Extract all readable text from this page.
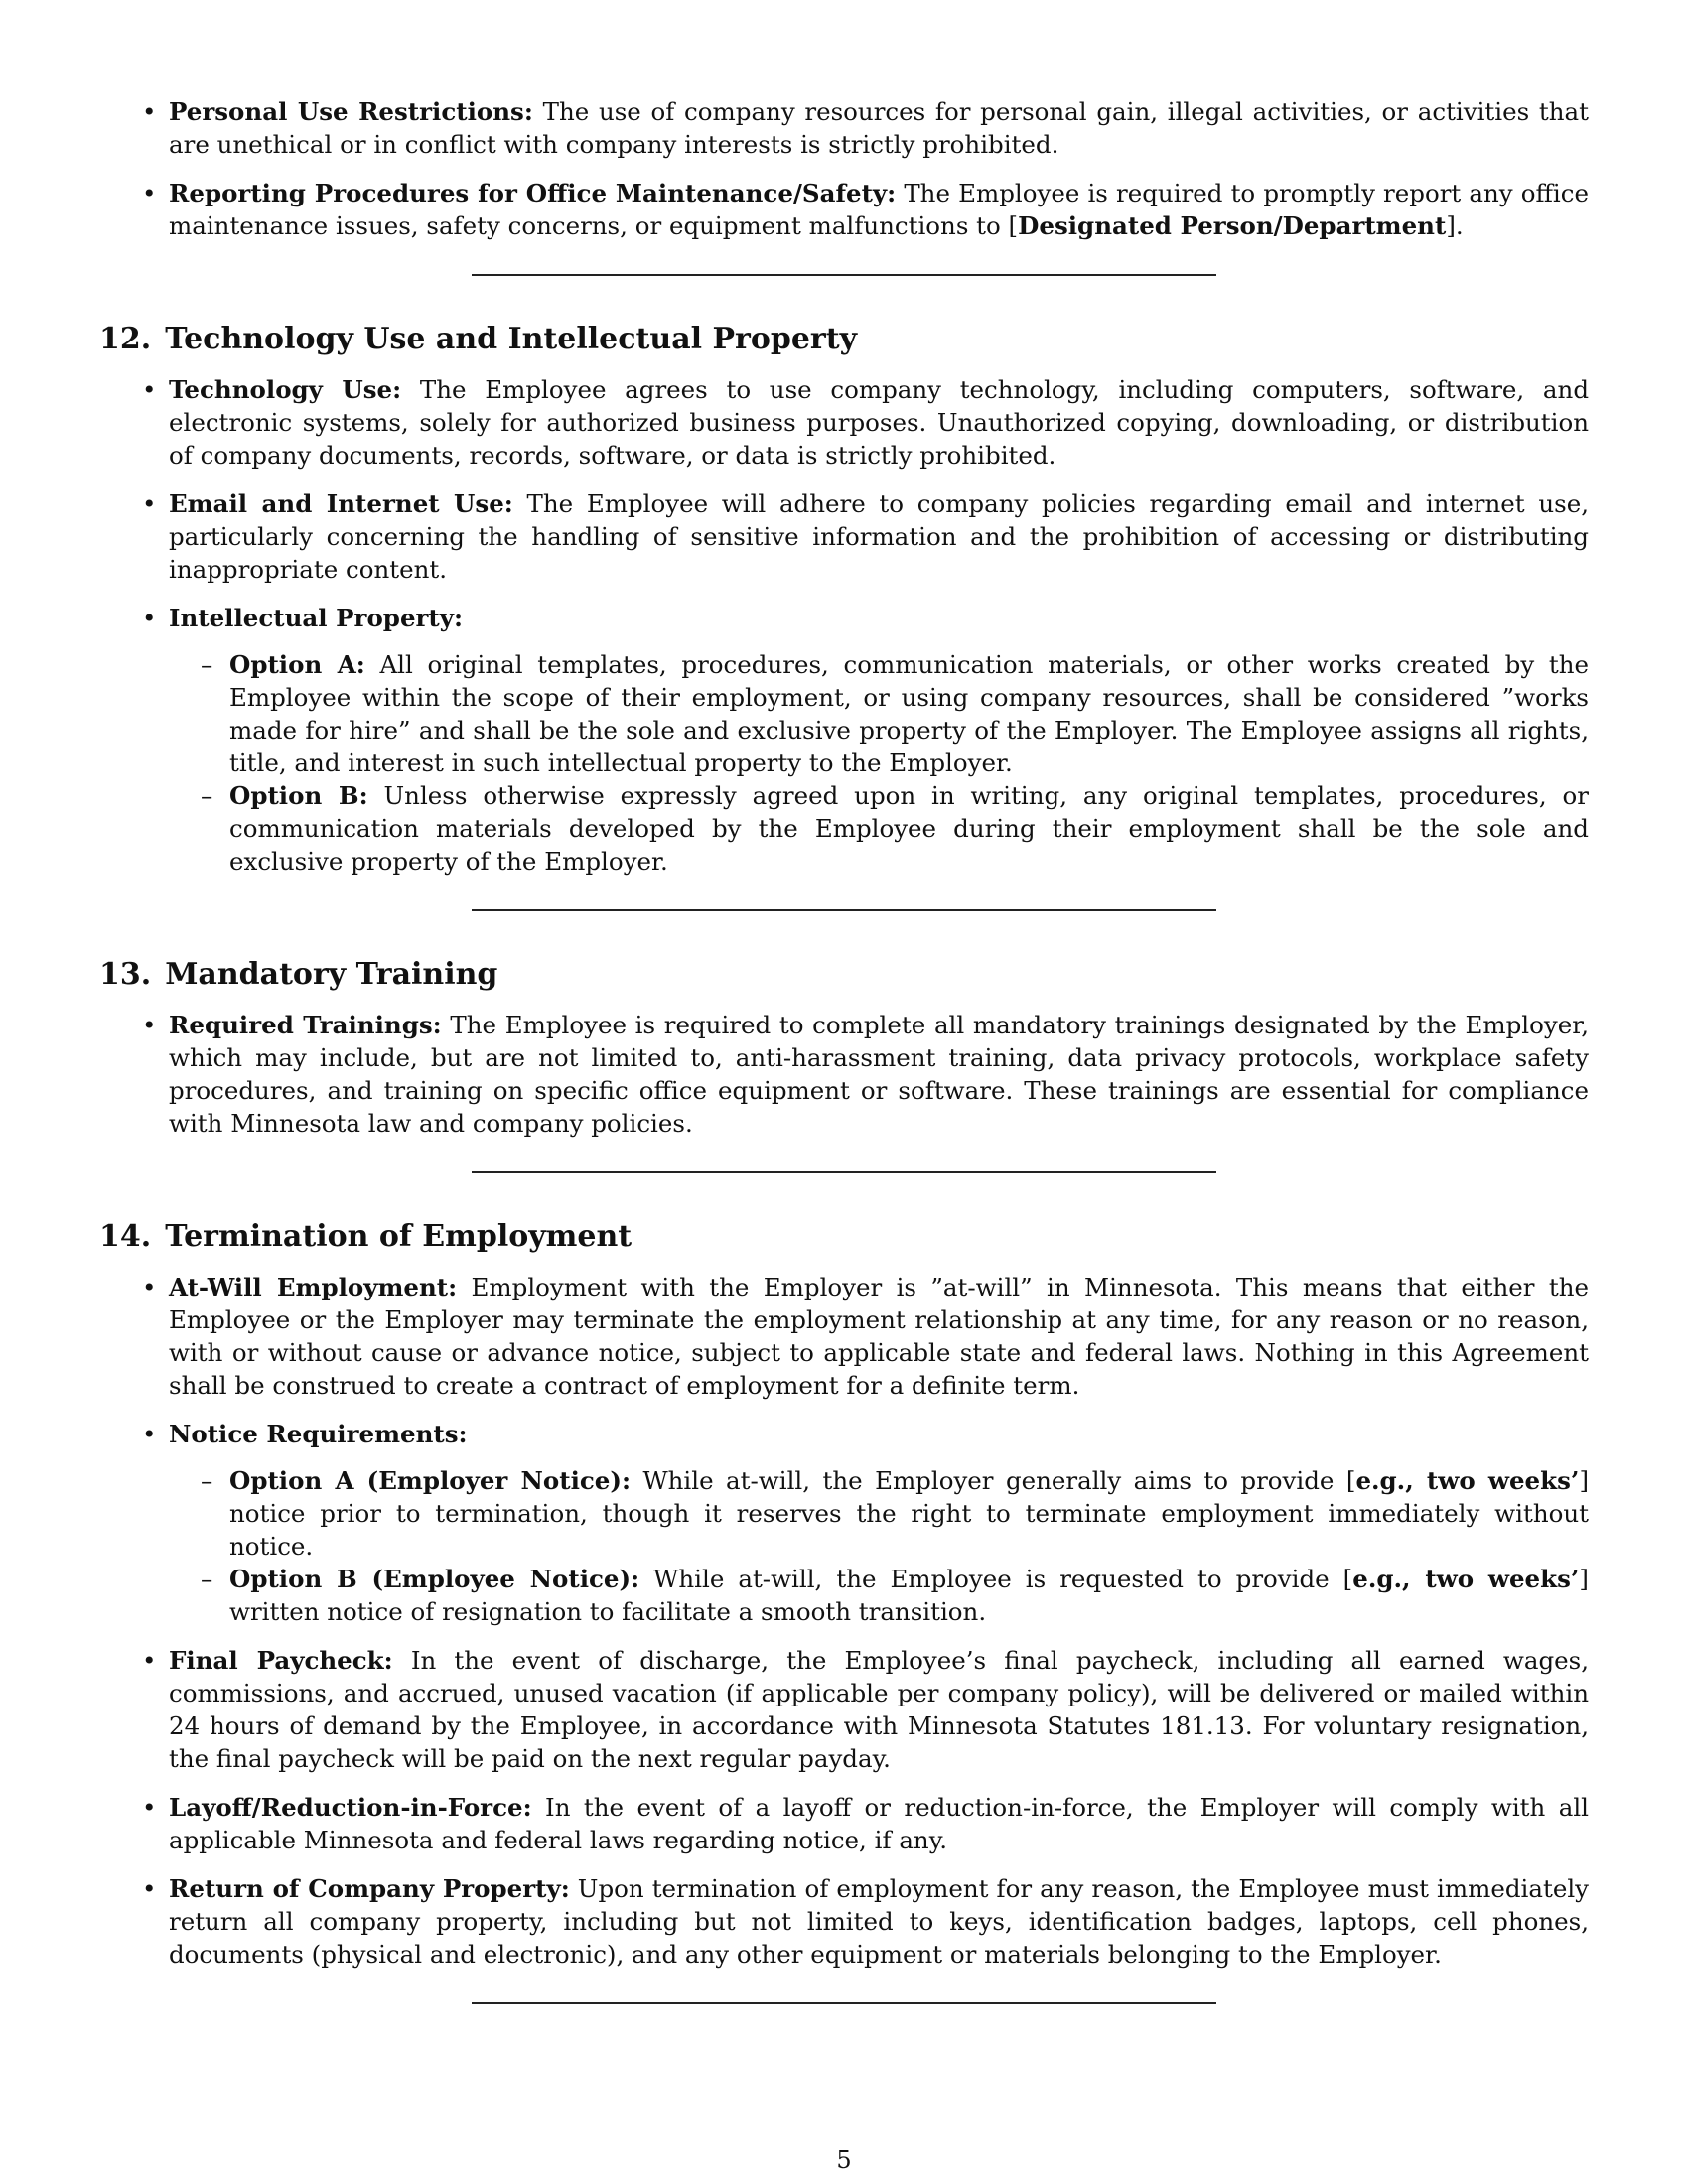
• Personal Use Restrictions: The use of company resources for personal gain, illegal activities, or activities that are unethical or in conflict with company interests is strictly prohibited.
• Reporting Procedures for Office Maintenance/Safety: The Employee is required to promptly report any office maintenance issues, safety concerns, or equipment malfunctions to [Designated Person/Department].
12. Technology Use and Intellectual Property
• Technology Use: The Employee agrees to use company technology, including computers, software, and electronic systems, solely for authorized business purposes. Unauthorized copying, downloading, or distribution of company documents, records, software, or data is strictly prohibited.
• Email and Internet Use: The Employee will adhere to company policies regarding email and internet use, particularly concerning the handling of sensitive information and the prohibition of accessing or distributing inappropriate content.
• Intellectual Property:
– Option A: All original templates, procedures, communication materials, or other works created by the Employee within the scope of their employment, or using company resources, shall be considered ”works made for hire” and shall be the sole and exclusive property of the Employer. The Employee assigns all rights, title, and interest in such intellectual property to the Employer.
– Option B: Unless otherwise expressly agreed upon in writing, any original templates, procedures, or communication materials developed by the Employee during their employment shall be the sole and exclusive property of the Employer.
13. Mandatory Training
• Required Trainings: The Employee is required to complete all mandatory trainings designated by the Employer, which may include, but are not limited to, anti-harassment training, data privacy protocols, workplace safety procedures, and training on specific office equipment or software. These trainings are essential for compliance with Minnesota law and company policies.
14. Termination of Employment
• At-Will Employment: Employment with the Employer is ”at-will” in Minnesota. This means that either the Employee or the Employer may terminate the employment relationship at any time, for any reason or no reason, with or without cause or advance notice, subject to applicable state and federal laws. Nothing in this Agreement shall be construed to create a contract of employment for a definite term.
• Notice Requirements:
– Option A (Employer Notice): While at-will, the Employer generally aims to provide [e.g., two weeks’] notice prior to termination, though it reserves the right to terminate employment immediately without notice.
– Option B (Employee Notice): While at-will, the Employee is requested to provide [e.g., two weeks’] written notice of resignation to facilitate a smooth transition.
• Final Paycheck: In the event of discharge, the Employee’s final paycheck, including all earned wages, commissions, and accrued, unused vacation (if applicable per company policy), will be delivered or mailed within 24 hours of demand by the Employee, in accordance with Minnesota Statutes 181.13. For voluntary resignation, the final paycheck will be paid on the next regular payday.
• Layoff/Reduction-in-Force: In the event of a layoff or reduction-in-force, the Employer will comply with all applicable Minnesota and federal laws regarding notice, if any.
• Return of Company Property: Upon termination of employment for any reason, the Employee must immediately return all company property, including but not limited to keys, identification badges, laptops, cell phones, documents (physical and electronic), and any other equipment or materials belonging to the Employer.
5
